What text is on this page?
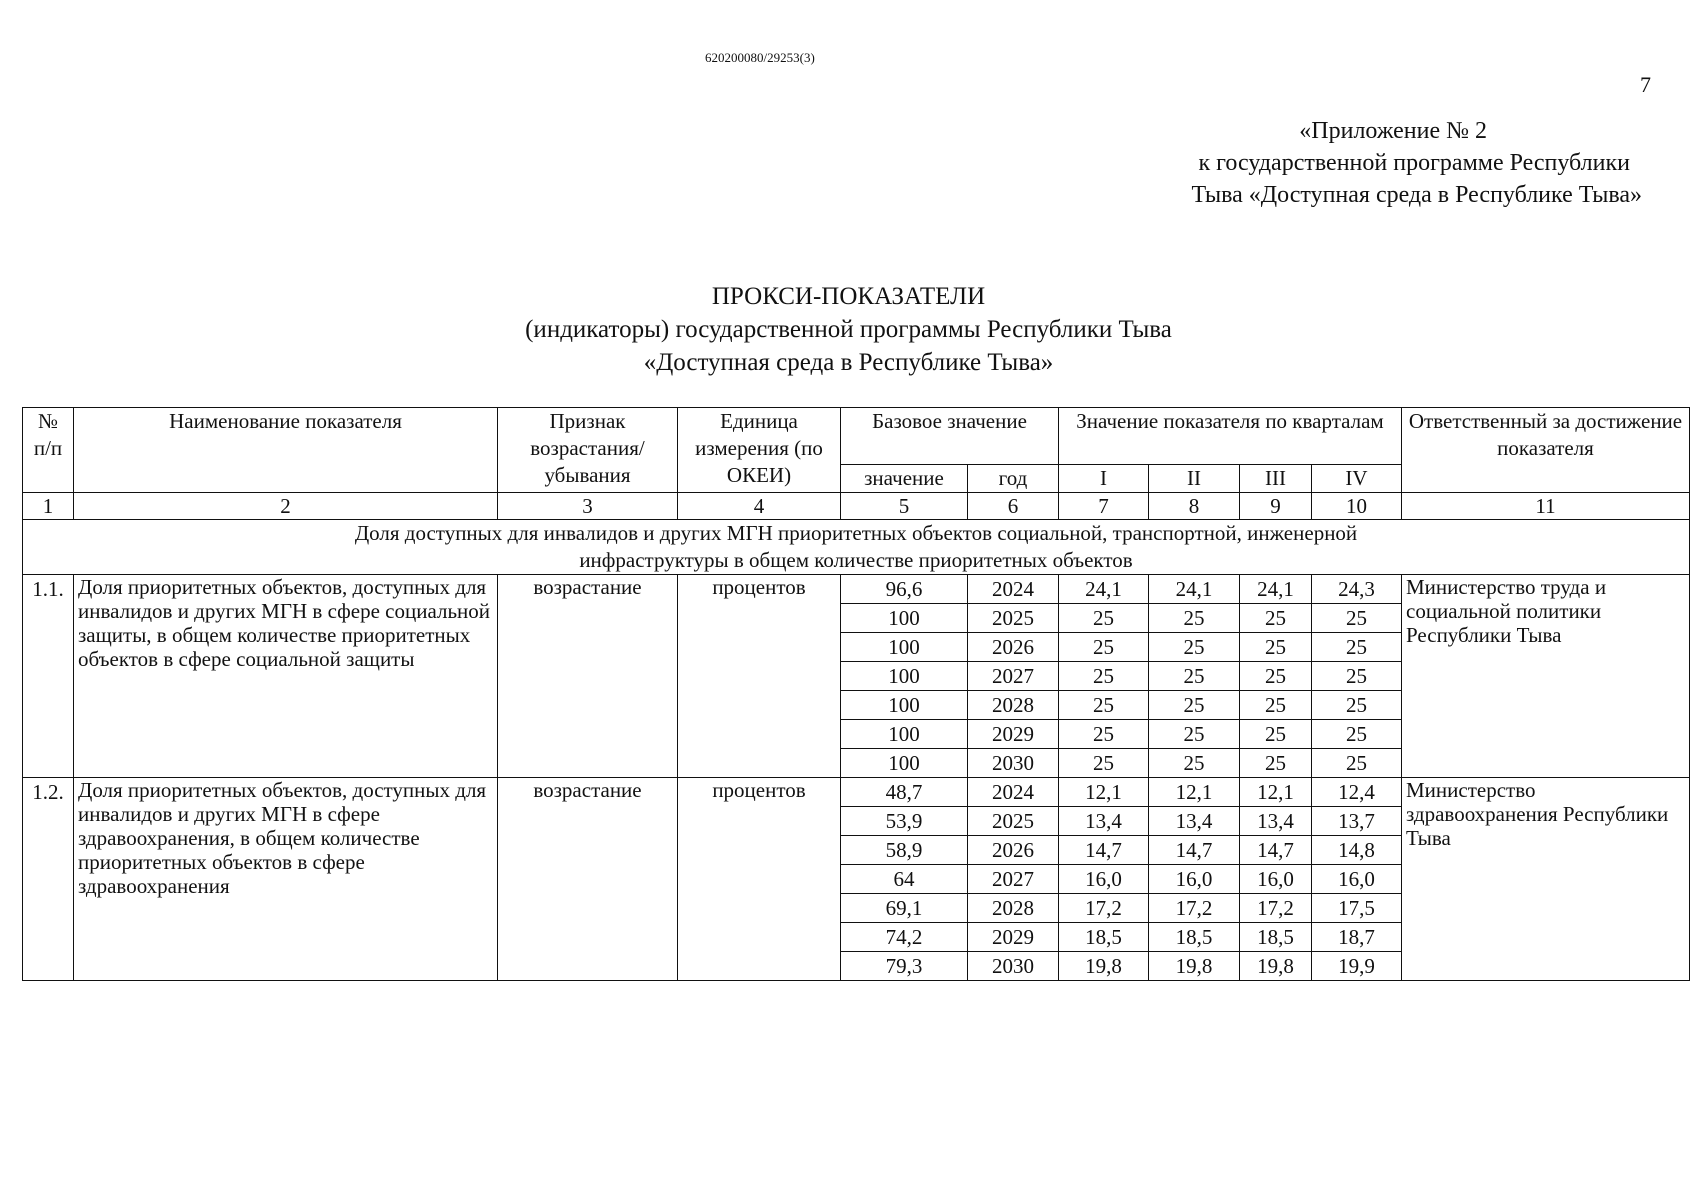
620200080/29253(3)
7
«Приложение № 2
к государственной программе Республики
Тыва «Доступная среда в Республике Тыва»
ПРОКСИ-ПОКАЗАТЕЛИ
(индикаторы) государственной программы Республики Тыва
«Доступная среда в Республике Тыва»
№ п/п	Наименование показателя	Признак возрастания/ убывания	Единица измерения (по ОКЕИ)	Базовое значение		Значение показателя по кварталам				Ответственный за достижение показателя
				значение	год	I	II	III	IV	
1	2	3	4	5	6	7	8	9	10	11
Доля доступных для инвалидов и других МГН приоритетных объектов социальной, транспортной, инженерной инфраструктуры в общем количестве приоритетных объектов										
1.1.	Доля приоритетных объектов, доступных для инвалидов и других МГН в сфере социальной защиты, в общем количестве приоритетных объектов в сфере социальной защиты	возрастание	процентов	96,6	2024	24,1	24,1	24,1	24,3	Министерство труда и социальной политики Республики Тыва
				100	2025	25	25	25	25	
				100	2026	25	25	25	25	
				100	2027	25	25	25	25	
				100	2028	25	25	25	25	
				100	2029	25	25	25	25	
				100	2030	25	25	25	25	
1.2.	Доля приоритетных объектов, доступных для инвалидов и других МГН в сфере здравоохранения, в общем количестве приоритетных объектов в сфере здравоохранения	возрастание	процентов	48,7	2024	12,1	12,1	12,1	12,4	Министерство здравоохранения Республики Тыва
				53,9	2025	13,4	13,4	13,4	13,7	
				58,9	2026	14,7	14,7	14,7	14,8	
				64	2027	16,0	16,0	16,0	16,0	
				69,1	2028	17,2	17,2	17,2	17,5	
				74,2	2029	18,5	18,5	18,5	18,7	
				79,3	2030	19,8	19,8	19,8	19,9	
